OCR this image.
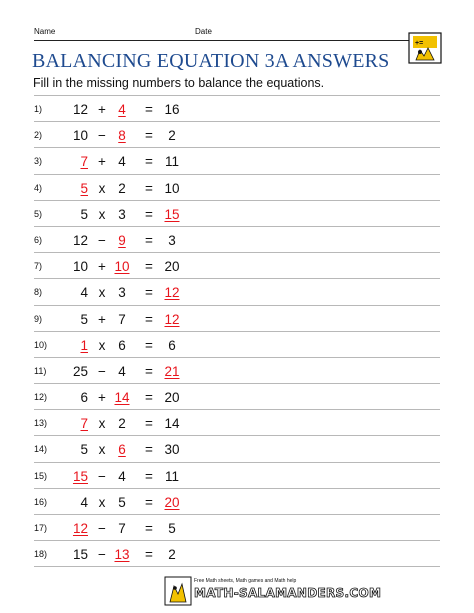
Name	Date
+=
BALANCING EQUATION 3A ANSWERS
Fill in the missing numbers to balance the equations.
1)	12 + 4	= 16
2)	10 − 8	=	2
3)	7 + 4	= 11
4)	5 x 2	= 10
5)	5 x 3	= 15
6)	12 − 9	=	3
7)	10 + 10	= 20
8)	4 x 3	= 12
9)	5 + 7	= 12
10)	1 x 6	=	6
11)	25 − 4	= 21
12)	6 + 14	= 20
13)	7 x 2	= 14
14)	5 x 6	= 30
15)	15 − 4	= 11
16)	4 x 5	= 20
17)	12 − 7	=	5
18)	15 − 13	=	2
Free Math sheets, Math games and Math help
MATH-SALAMANDERS.COM
